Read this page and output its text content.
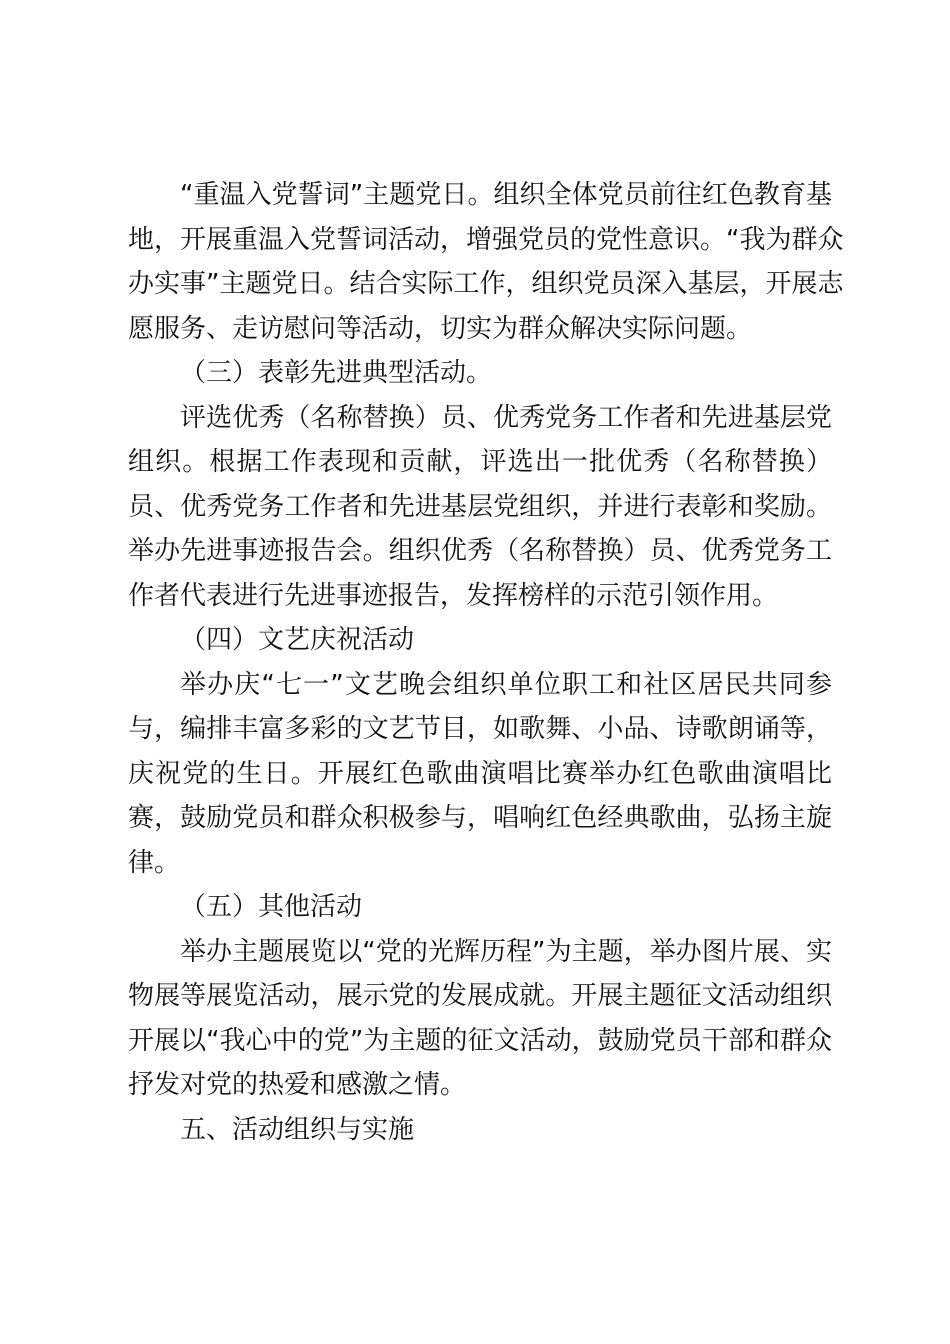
“重温入党誓词”主题党日。组织全体党员前往红色教育基
地，开展重温入党誓词活动，增强党员的党性意识。“我为群众
办实事”主题党日。结合实际工作，组织党员深入基层，开展志
愿服务、走访慰问等活动，切实为群众解决实际问题。

（三）表彰先进典型活动。

评选优秀（名称替换）员、优秀党务工作者和先进基层党
组织。根据工作表现和贡献，评选出一批优秀（名称替换）
员、优秀党务工作者和先进基层党组织，并进行表彰和奖励。
举办先进事迹报告会。组织优秀（名称替换）员、优秀党务工
作者代表进行先进事迹报告，发挥榜样的示范引领作用。

（四）文艺庆祝活动

举办庆“七一”文艺晚会组织单位职工和社区居民共同参
与，编排丰富多彩的文艺节目，如歌舞、小品、诗歌朗诵等，
庆祝党的生日。开展红色歌曲演唱比赛举办红色歌曲演唱比
赛，鼓励党员和群众积极参与，唱响红色经典歌曲，弘扬主旋
律。

（五）其他活动

举办主题展览以“党的光辉历程”为主题，举办图片展、实
物展等展览活动，展示党的发展成就。开展主题征文活动组织
开展以“我心中的党”为主题的征文活动，鼓励党员干部和群众
抒发对党的热爱和感激之情。

五、活动组织与实施
